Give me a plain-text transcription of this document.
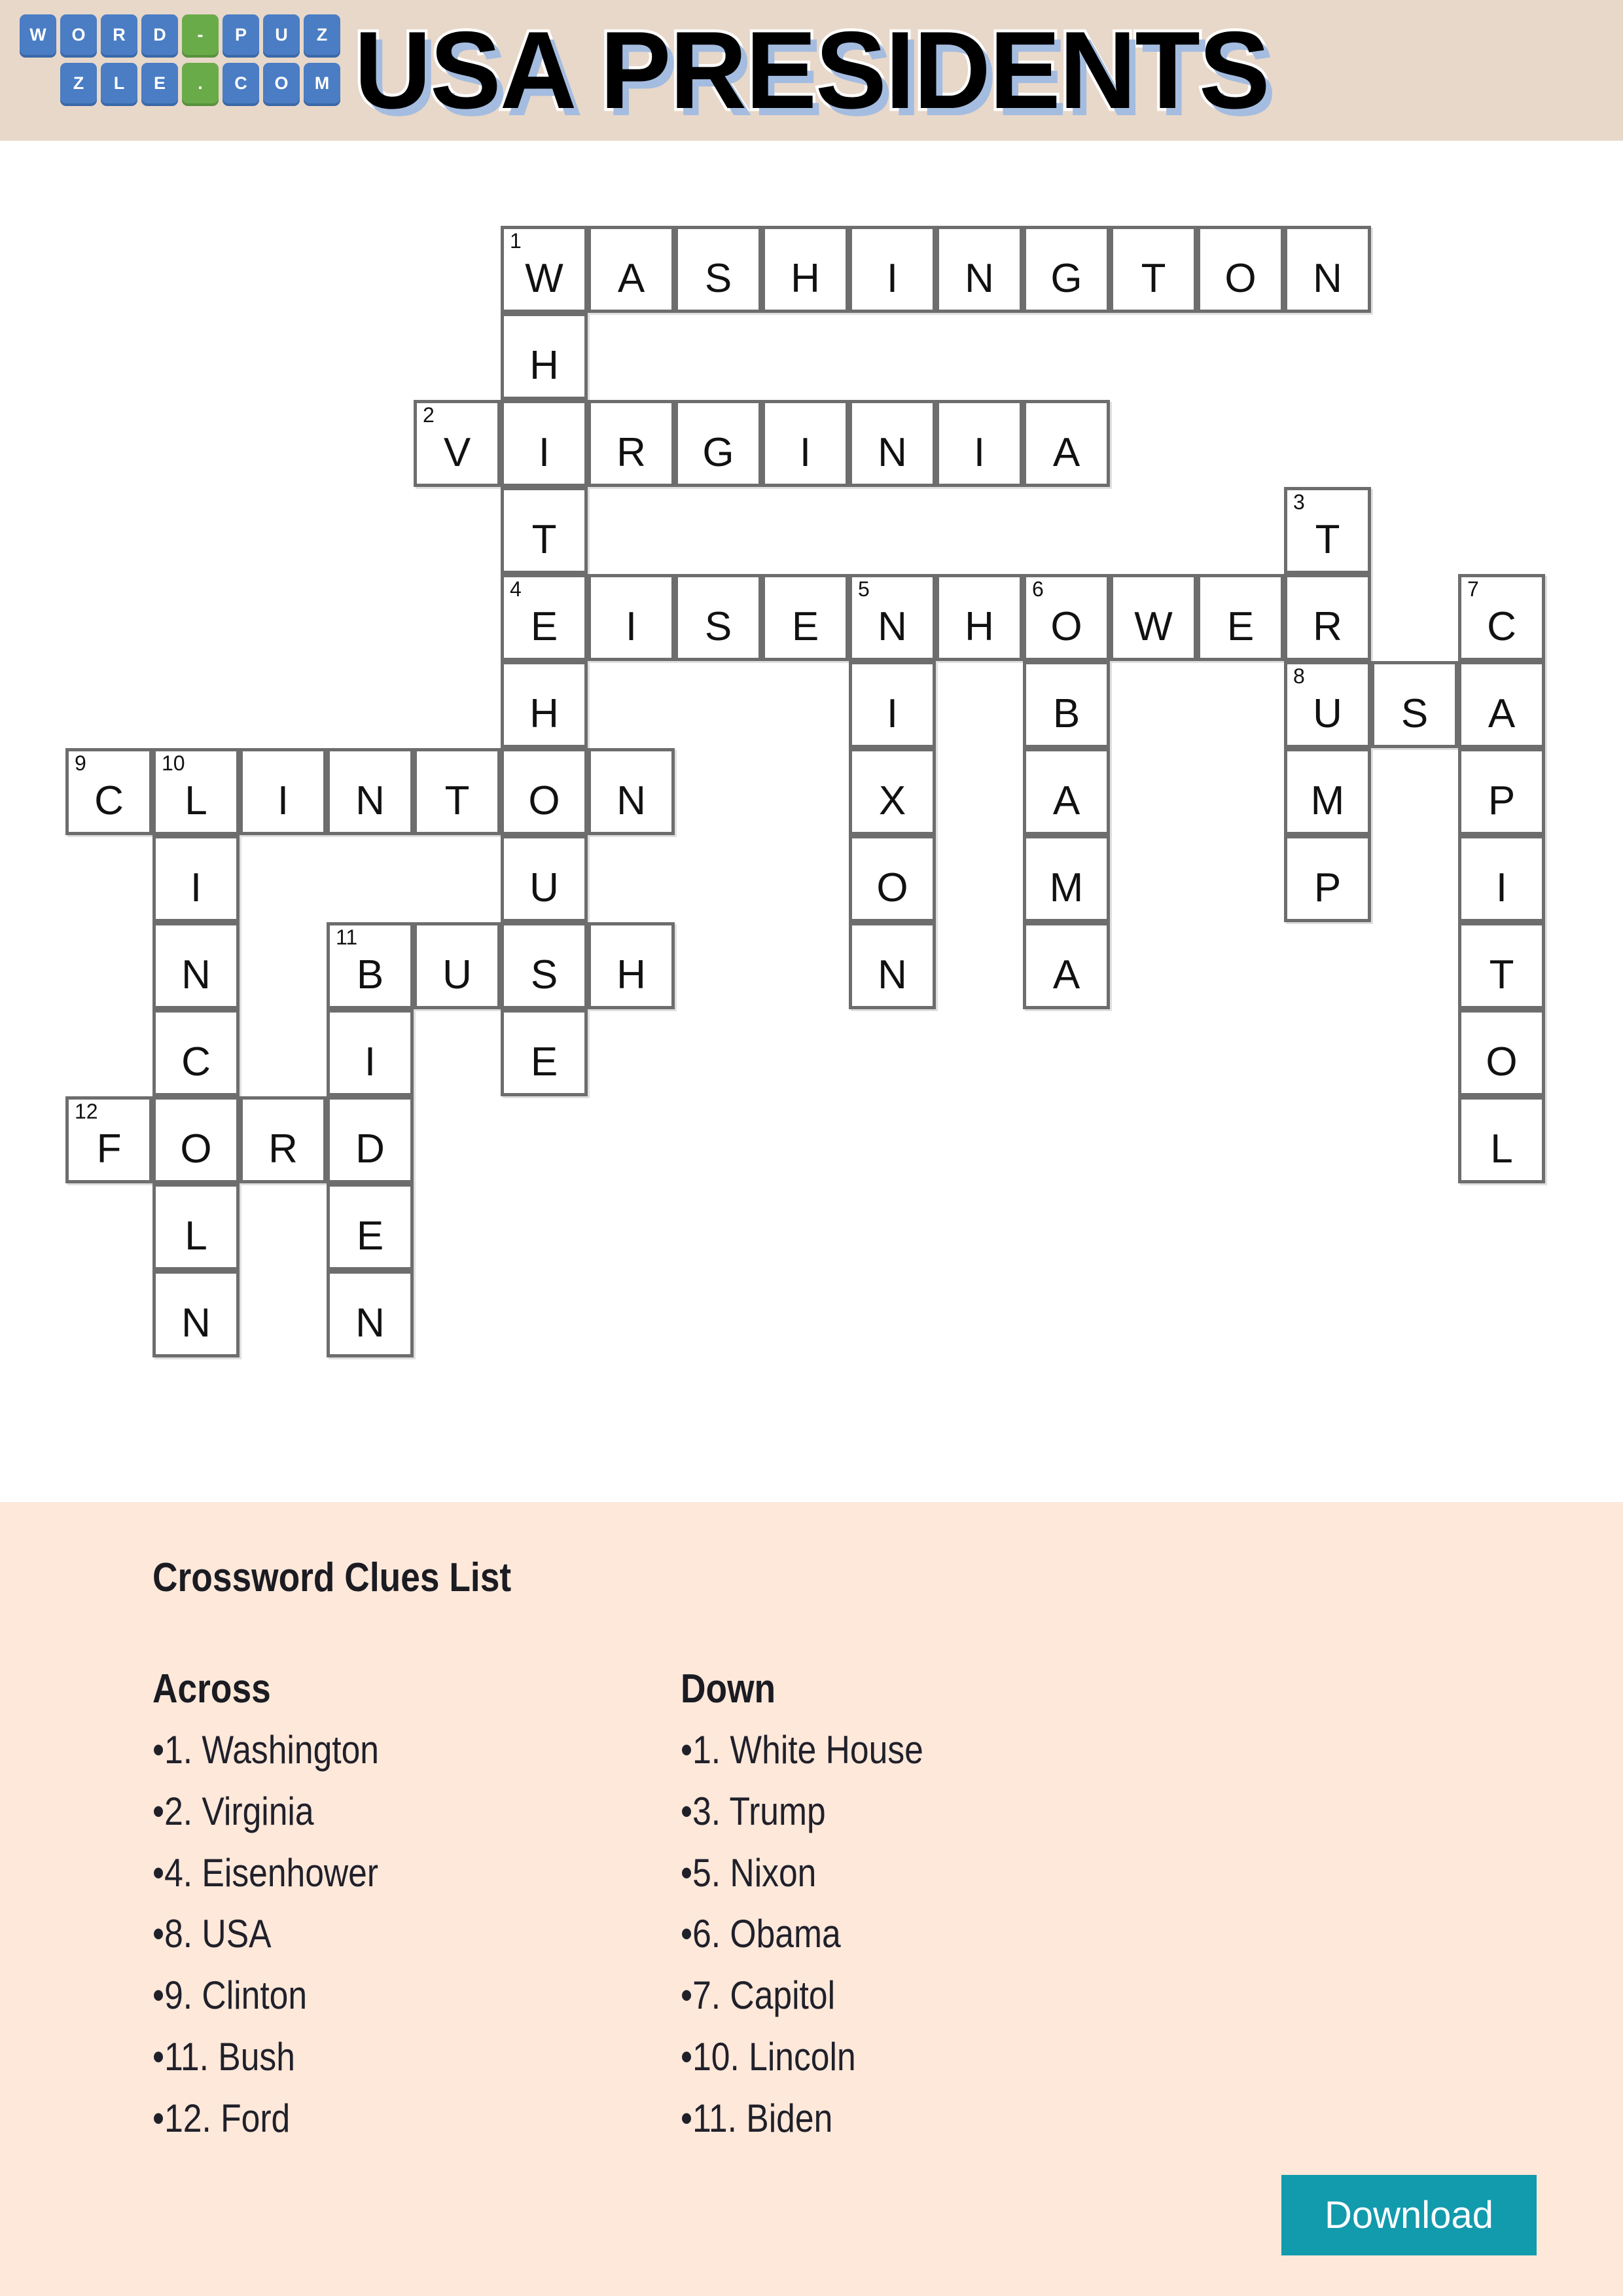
W	O	R	D	-	P	U	Z
Z	L	E	.	C	O	M USA PRESIDENTS
1
W	A	S	H	I	N	G	T	O	N
H
2
V	I	R	G	I	N	I	A
T
3
T
4
E	I	S	E
5
N	H
6
O	W	E	R
7
C
H	I	B
8
U	S	A
9
C
10
L	I	N	T	O	N	X	A	M	P
I	U	O	M	P	I
N
11
B	U	S	H	N	A	T
C	I	E	O
12
F	O	R	D	L
L	E
N	N
Crossword Clues List
Across
•1. Washington
•2. Virginia
•4. Eisenhower
•8. USA
•9. Clinton
•11. Bush
•12. Ford
Down
•1. White House
•3. Trump
•5. Nixon
•6. Obama
•7. Capitol
•10. Lincoln
•11. Biden
Download
